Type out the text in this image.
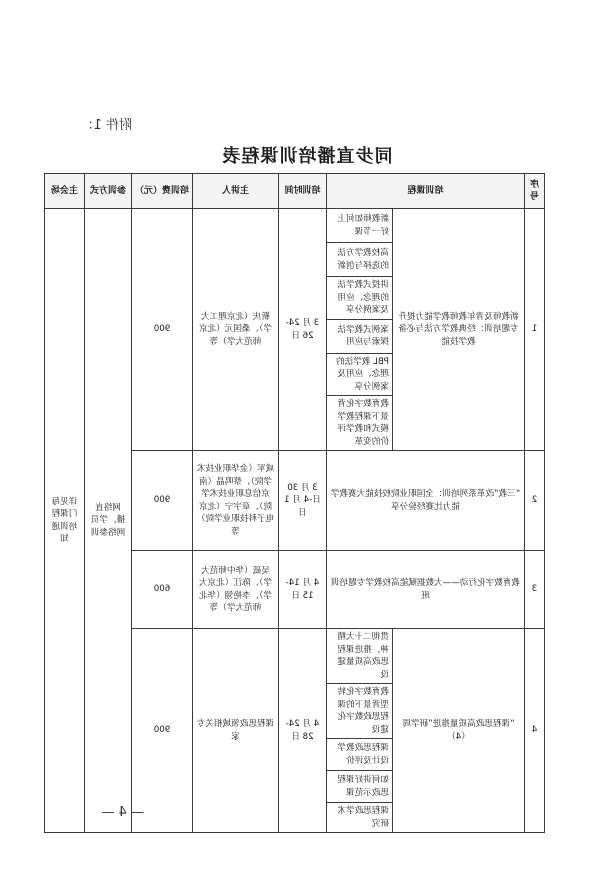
附件 1：
同步直播培训课程表
序号	培训课程		培训时间	主讲人	培训费（元）	参训方式	主会场
1	新教师及青年教师教学能力提升专题培训：经典教学方法与必备教学技能	新教师如何上好一节课	3 月 24-26 日	靳庆（北京理工大学）、桑国元（北京师范大学）等	900	网络直播，学员网络参训	详见每门课程培训通知
		高校教学方法的选择与创新					
		讲授式教学法的理念、应用及案例分享					
		案例式教学法探索与应用					
		PBL 教学法的理念、应用及案例分享					
		教育数字化背景下课程教学模式和教学评价的变革					
2	“三教”改革系列培训：全国职业院校技能大赛教学能力比赛经验分享		3 月 30 日-4 月 1 日	咸军（金华职业技术学院）、蔡鸣晶（南京信息职业技术学院）、章宇宁（北京电子科技职业学院）等	900		
3	教育数字化行动——大数据赋能高校教学专题培训班		4 月 14-15 日	吴砥（华中师范大学）、陈江（北京大学）、李艳翎（华北师范大学）等	600		
4	“课程思政高质量推进”研学周（4）	贯彻二十大精神，推进课程思政高质量建设	4 月 24-28 日	课程思政领域相关专家	900		
		教育数字化转型背景下的课程思政数字化建设					
		课程思政教学设计及评价					
		如何讲好课程思政示范课					
		课程思政学术研究					
— 4 —
